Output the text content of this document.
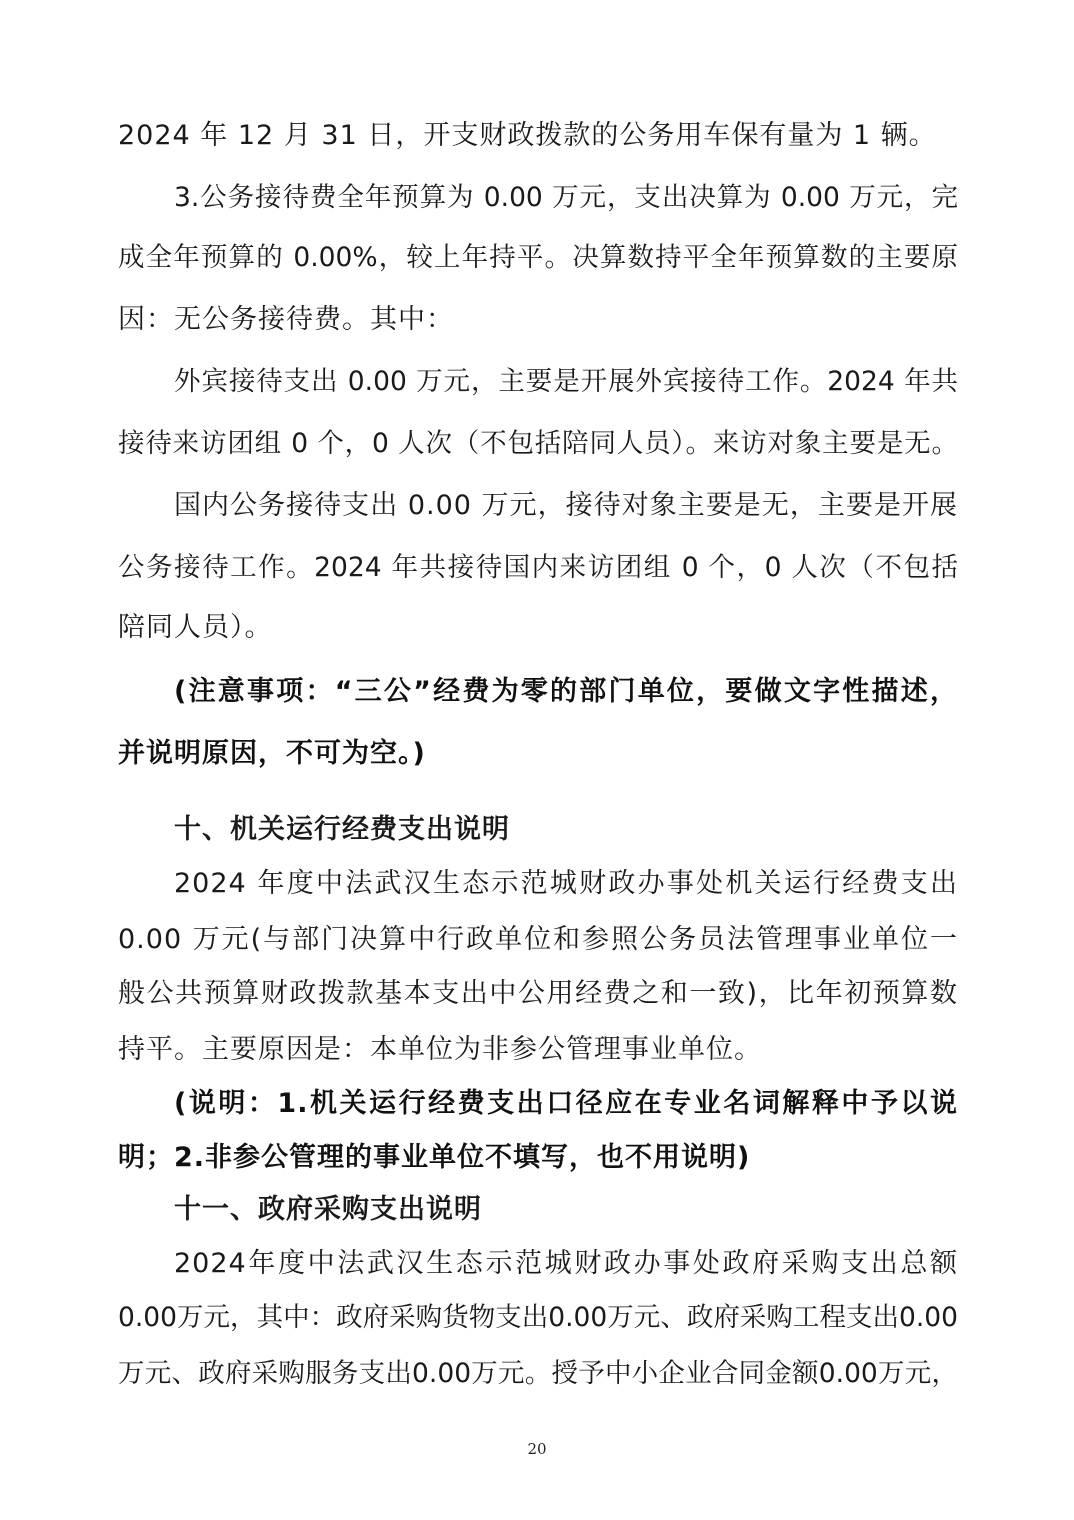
2024 年 12 月 31 日，开支财政拨款的公务用车保有量为 1 辆。
3.公务接待费全年预算为 0.00 万元，支出决算为 0.00 万元，完
成全年预算的 0.00%，较上年持平。决算数持平全年预算数的主要原
因：无公务接待费。其中：
外宾接待支出 0.00 万元，主要是开展外宾接待工作。2024 年共
接待来访团组 0 个，0 人次（不包括陪同人员）。来访对象主要是无。
国内公务接待支出 0.00 万元，接待对象主要是无，主要是开展
公务接待工作。2024 年共接待国内来访团组 0 个，0 人次（不包括
陪同人员）。
(注意事项：“三公”经费为零的部门单位，要做文字性描述，
并说明原因，不可为空。)
十、机关运行经费支出说明
2024 年度中法武汉生态示范城财政办事处机关运行经费支出
0.00 万元(与部门决算中行政单位和参照公务员法管理事业单位一
般公共预算财政拨款基本支出中公用经费之和一致)，比年初预算数
持平。主要原因是：本单位为非参公管理事业单位。
(说明：1.机关运行经费支出口径应在专业名词解释中予以说
明；2.非参公管理的事业单位不填写，也不用说明)
十一、政府采购支出说明
2024年度中法武汉生态示范城财政办事处政府采购支出总额
0.00万元，其中：政府采购货物支出0.00万元、政府采购工程支出0.00
万元、政府采购服务支出0.00万元。授予中小企业合同金额0.00万元，
20
